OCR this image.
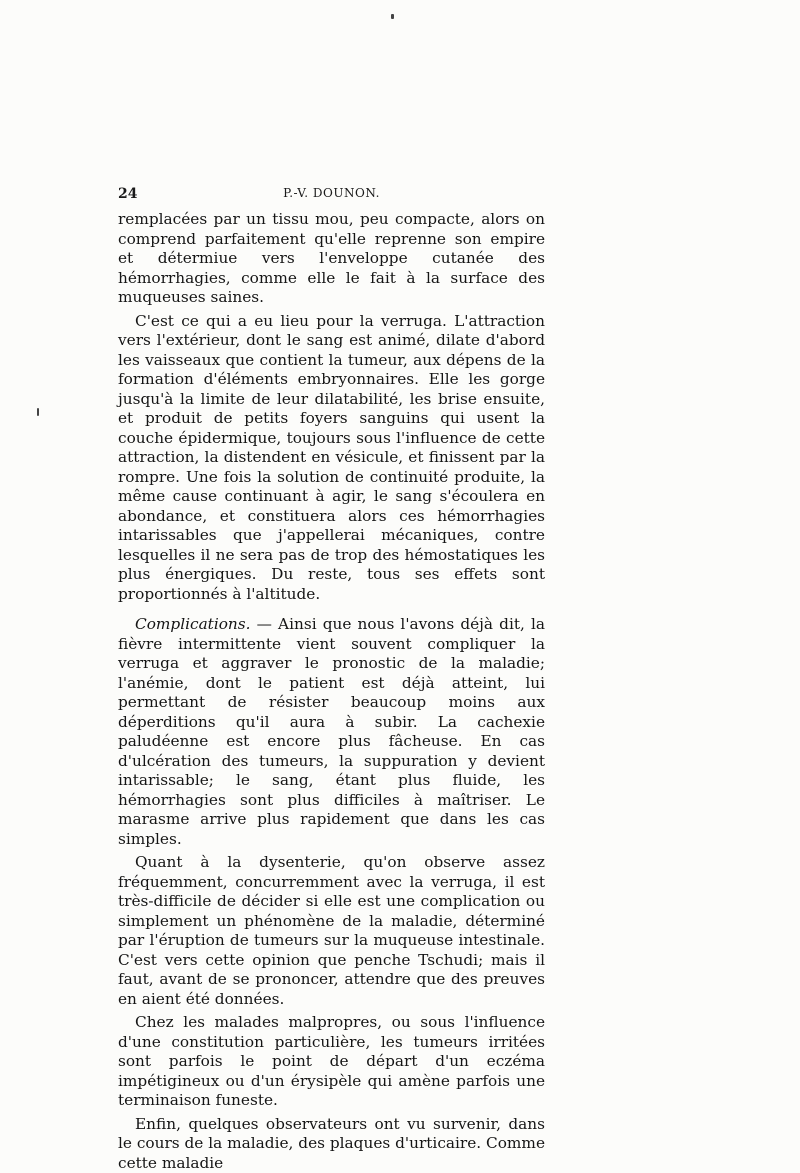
24	P.-V. DOUNON.

remplacées par un tissu mou, peu compacte, alors on comprend parfaitement qu'elle reprenne son empire et détermiue vers l'enveloppe cutanée des hémorrhagies, comme elle le fait à la surface des muqueuses saines.

C'est ce qui a eu lieu pour la verruga. L'attraction vers l'extérieur, dont le sang est animé, dilate d'abord les vaisseaux que contient la tumeur, aux dépens de la formation d'éléments embryonnaires. Elle les gorge jusqu'à la limite de leur dilatabilité, les brise ensuite, et produit de petits foyers sanguins qui usent la couche épidermique, toujours sous l'influence de cette attraction, la distendent en vésicule, et finissent par la rompre. Une fois la solution de continuité produite, la même cause continuant à agir, le sang s'écoulera en abondance, et constituera alors ces hémorrhagies intarissables que j'appellerai mécaniques, contre lesquelles il ne sera pas de trop des hémostatiques les plus énergiques. Du reste, tous ses effets sont proportionnés à l'altitude.

Complications. — Ainsi que nous l'avons déjà dit, la fièvre intermittente vient souvent compliquer la verruga et aggraver le pronostic de la maladie; l'anémie, dont le patient est déjà atteint, lui permettant de résister beaucoup moins aux déperditions qu'il aura à subir. La cachexie paludéenne est encore plus fâcheuse. En cas d'ulcération des tumeurs, la suppuration y devient intarissable; le sang, étant plus fluide, les hémorrhagies sont plus difficiles à maîtriser. Le marasme arrive plus rapidement que dans les cas simples.

Quant à la dysenterie, qu'on observe assez fréquemment, concurremment avec la verruga, il est très-difficile de décider si elle est une complication ou simplement un phénomène de la maladie, déterminé par l'éruption de tumeurs sur la muqueuse intestinale. C'est vers cette opinion que penche Tschudi; mais il faut, avant de se prononcer, attendre que des preuves en aient été données.

Chez les malades malpropres, ou sous l'influence d'une constitution particulière, les tumeurs irritées sont parfois le point de départ d'un eczéma impétigineux ou d'un érysipèle qui amène parfois une terminaison funeste.

Enfin, quelques observateurs ont vu survenir, dans le cours de la maladie, des plaques d'urticaire. Comme cette maladie
